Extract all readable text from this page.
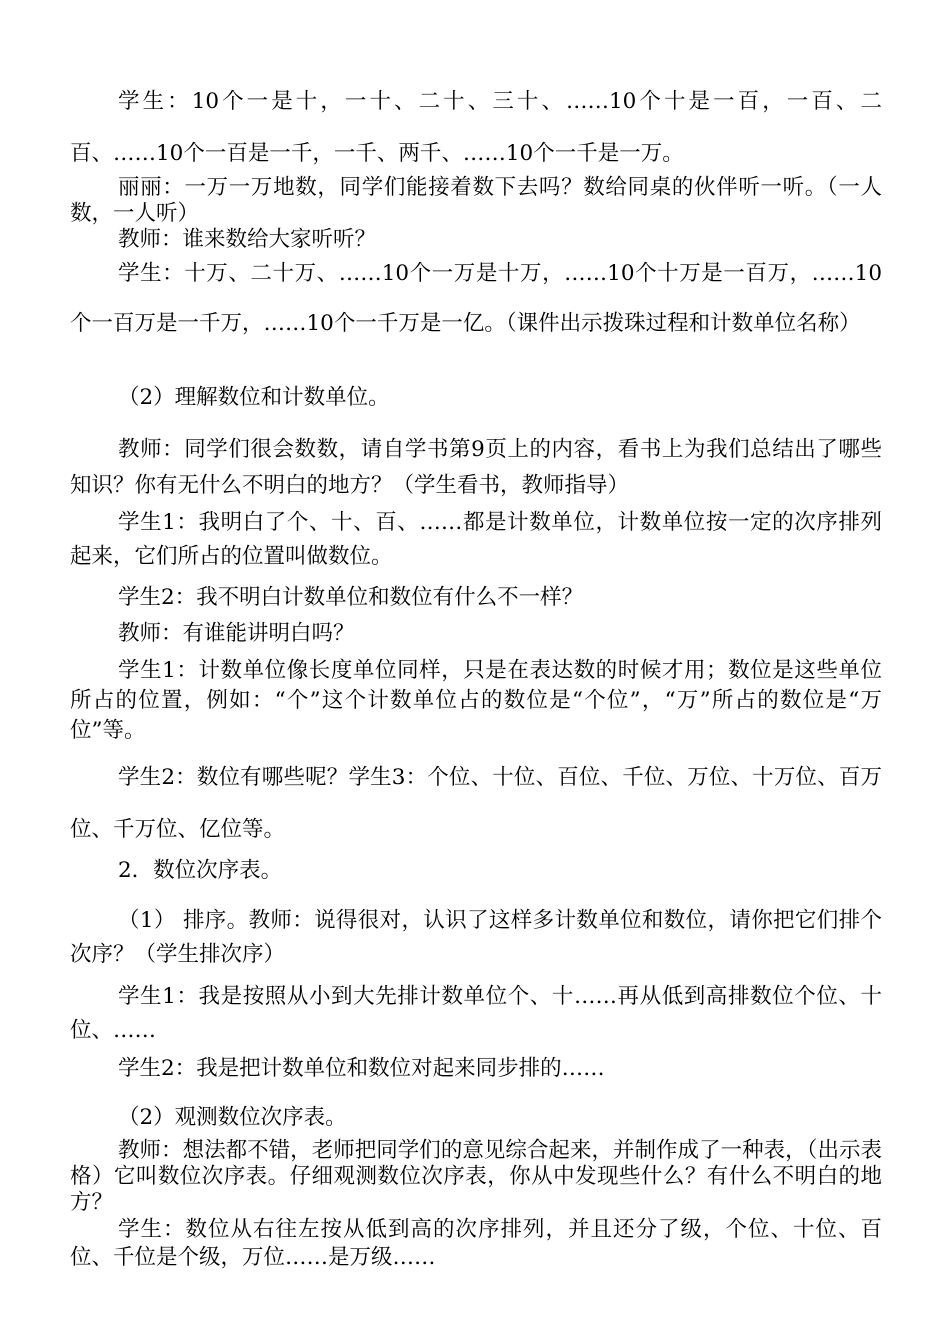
学生：10个一是十，一十、二十、三十、……10个十是一百，一百、二百、……10个一百是一千，一千、两千、……10个一千是一万。

丽丽：一万一万地数，同学们能接着数下去吗？数给同桌的伙伴听一听。（一人数，一人听）

教师：谁来数给大家听听？

学生：十万、二十万、……10个一万是十万，……10个十万是一百万，……10个一百万是一千万，……10个一千万是一亿。（课件出示拨珠过程和计数单位名称）

（2）理解数位和计数单位。

教师：同学们很会数数，请自学书第9页上的内容，看书上为我们总结出了哪些知识？你有无什么不明白的地方？（学生看书，教师指导）

学生1：我明白了个、十、百、……都是计数单位，计数单位按一定的次序排列起来，它们所占的位置叫做数位。

学生2：我不明白计数单位和数位有什么不一样？

教师：有谁能讲明白吗？

学生1：计数单位像长度单位同样，只是在表达数的时候才用；数位是这些单位所占的位置，例如：“个”这个计数单位占的数位是“个位”，“万”所占的数位是“万位”等。

学生2：数位有哪些呢？学生3：个位、十位、百位、千位、万位、十万位、百万位、千万位、亿位等。

2．数位次序表。

（1） 排序。教师：说得很对，认识了这样多计数单位和数位，请你把它们排个次序？（学生排次序）

学生1：我是按照从小到大先排计数单位个、十……再从低到高排数位个位、十位、……

学生2：我是把计数单位和数位对起来同步排的……

（2）观测数位次序表。

教师：想法都不错，老师把同学们的意见综合起来，并制作成了一种表，（出示表格）它叫数位次序表。仔细观测数位次序表，你从中发现些什么？有什么不明白的地方？

学生：数位从右往左按从低到高的次序排列，并且还分了级，个位、十位、百位、千位是个级，万位……是万级……
